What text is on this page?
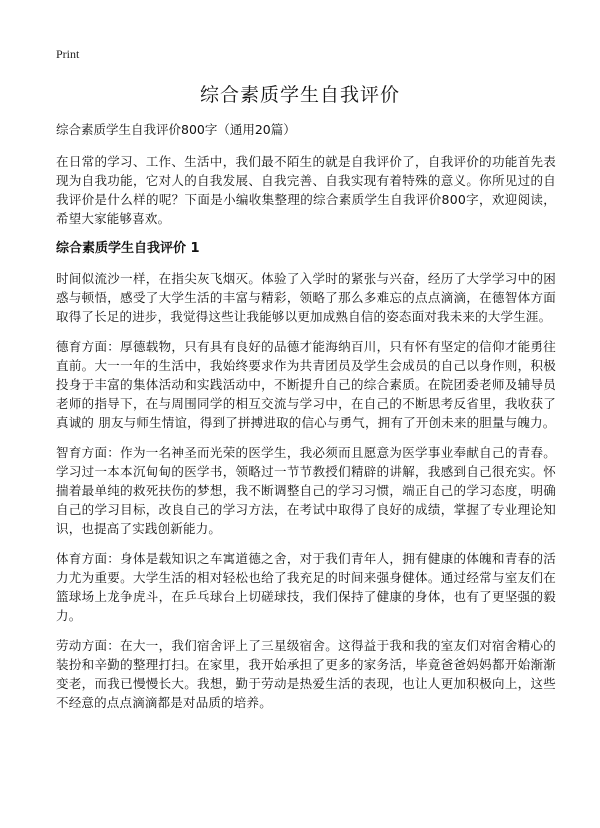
Print
综合素质学生自我评价

综合素质学生自我评价800字（通用20篇）

在日常的学习、工作、生活中，我们最不陌生的就是自我评价了，自我评价的功能首先表现为自我功能，它对人的自我发展、自我完善、自我实现有着特殊的意义。你所见过的自我评价是什么样的呢？下面是小编收集整理的综合素质学生自我评价800字，欢迎阅读，希望大家能够喜欢。

综合素质学生自我评价 1

时间似流沙一样，在指尖灰飞烟灭。体验了入学时的紧张与兴奋，经历了大学学习中的困惑与顿悟，感受了大学生活的丰富与精彩，领略了那么多难忘的点点滴滴，在德智体方面取得了长足的进步，我觉得这些让我能够以更加成熟自信的姿态面对我未来的大学生涯。

德育方面：厚德载物，只有具有良好的品德才能海纳百川，只有怀有坚定的信仰才能勇往直前。大一一年的生活中，我始终要求作为共青团员及学生会成员的自己以身作则，积极投身于丰富的集体活动和实践活动中，不断提升自己的综合素质。在院团委老师及辅导员老师的指导下，在与周围同学的相互交流与学习中，在自己的不断思考反省里，我收获了真诚的 朋友与师生情谊，得到了拼搏进取的信心与勇气，拥有了开创未来的胆量与魄力。

智育方面：作为一名神圣而光荣的医学生，我必须而且愿意为医学事业奉献自己的青春。学习过一本本沉甸甸的医学书，领略过一节节教授们精辟的讲解，我感到自己很充实。怀揣着最单纯的救死扶伤的梦想，我不断调整自己的学习习惯，端正自己的学习态度，明确自己的学习目标，改良自己的学习方法，在考试中取得了良好的成绩，掌握了专业理论知识，也提高了实践创新能力。

体育方面：身体是载知识之车寓道德之舍，对于我们青年人，拥有健康的体魄和青春的活力尤为重要。大学生活的相对轻松也给了我充足的时间来强身健体。通过经常与室友们在篮球场上龙争虎斗，在乒乓球台上切磋球技，我们保持了健康的身体，也有了更坚强的毅力。

劳动方面：在大一，我们宿舍评上了三星级宿舍。这得益于我和我的室友们对宿舍精心的装扮和辛勤的整理打扫。在家里，我开始承担了更多的家务活，毕竟爸爸妈妈都开始渐渐变老，而我已慢慢长大。我想，勤于劳动是热爱生活的表现，也让人更加积极向上，这些不经意的点点滴滴都是对品质的培养。
